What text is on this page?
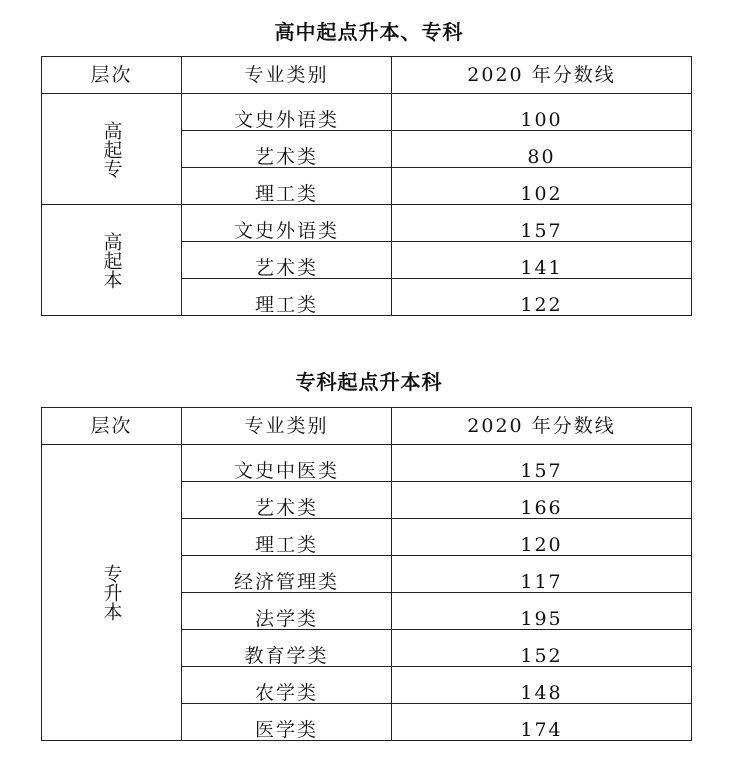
高中起点升本、专科
层次	专业类别	2020 年分数线
高起专	文史外语类	100
	艺术类	80
	理工类	102
高起本	文史外语类	157
	艺术类	141
	理工类	122
专科起点升本科
层次	专业类别	2020 年分数线
专升本	文史中医类	157
	艺术类	166
	理工类	120
	经济管理类	117
	法学类	195
	教育学类	152
	农学类	148
	医学类	174
